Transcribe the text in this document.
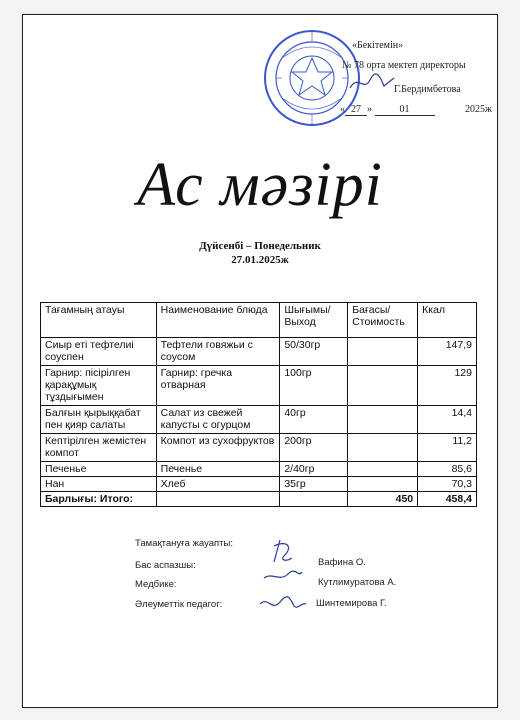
«Бекітемін»
№ 78 орта мектеп директоры
Г.Бердимбетова
« 27 »	01	2025ж
Ас мәзірі
Дүйсенбі – Понедельник
27.01.2025ж
Тағамның атауы	Наименование блюда	Шығымы/ Выход	Бағасы/ Стоимость	Ккал
Сиыр еті тефтелиі соуспен	Тефтели говяжьи с соусом	50/30гр		147,9
Гарнир: пісірілген қарақұмық тұздығымен	Гарнир: гречка отварная	100гр		129
Балғын қырыққабат пен қияр салаты	Салат из свежей капусты с огурцом	40гр		14,4
Кептірілген жемістен компот	Компот из сухофруктов	200гр		11,2
Печенье	Печенье	2/40гр		85,6
Нан	Хлеб	35гр		70,3
Барлығы: Итого:			450	458,4
Тамақтануға жауапты:
Бас аспазшы:	Вафина О.
Медбике:	Кутлимуратова А.
Әлеуметтік педагог:	Шинтемирова Г.
